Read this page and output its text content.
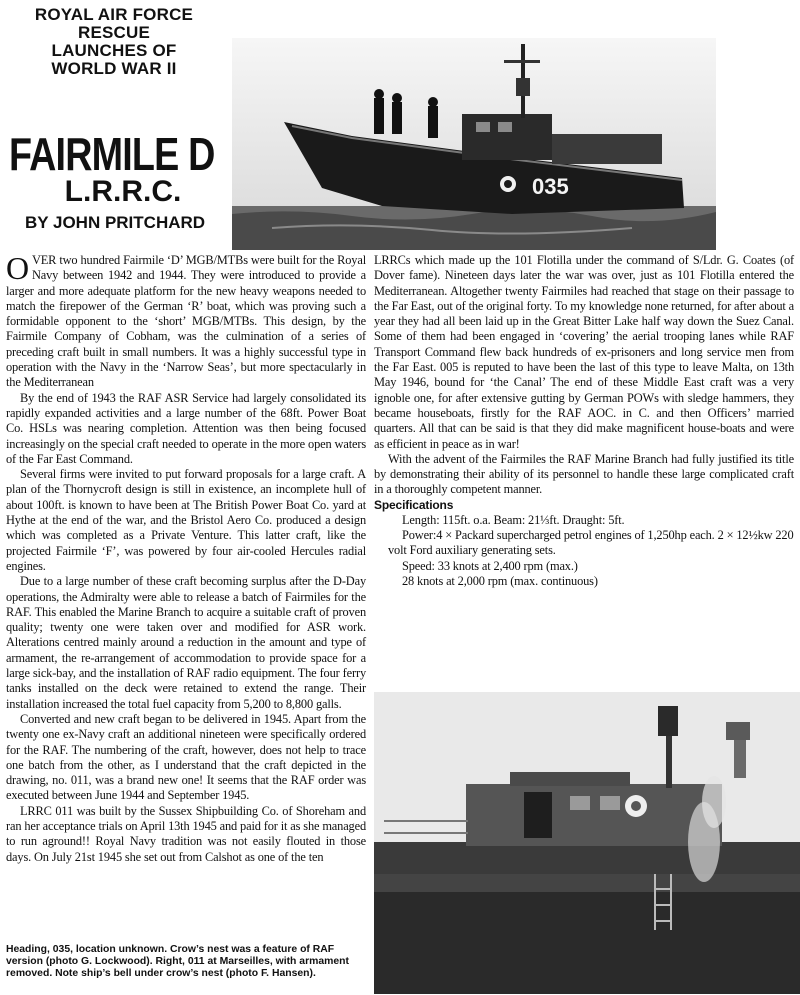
ROYAL AIR FORCE
RESCUE
LAUNCHES OF
WORLD WAR II
FAIRMILE D
L.R.R.C.
BY JOHN PRITCHARD
035

OVER two hundred Fairmile ‘D’ MGB/MTBs were built for the Royal Navy between 1942 and 1944. They were introduced to provide a larger and more adequate platform for the new heavy weapons needed to match the firepower of the German ‘R’ boat, which was proving such a formidable opponent to the ‘short’ MGB/MTBs. This design, by the Fairmile Company of Cobham, was the culmination of a series of preceding craft built in small numbers. It was a highly successful type in operation with the Navy in the ‘Narrow Seas’, but more spectacularly in the Mediterranean

By the end of 1943 the RAF ASR Service had largely consolidated its rapidly expanded activities and a large number of the 68ft. Power Boat Co. HSLs was nearing completion. Attention was then being focused increasingly on the special craft needed to operate in the more open waters of the Far East Command.

Several firms were invited to put forward proposals for a large craft. A plan of the Thornycroft design is still in existence, an incomplete hull of about 100ft. is known to have been at The British Power Boat Co. yard at Hythe at the end of the war, and the Bristol Aero Co. produced a design which was completed as a Private Venture. This latter craft, like the projected Fairmile ‘F’, was powered by four air-cooled Hercules radial engines.

Due to a large number of these craft becoming surplus after the D-Day operations, the Admiralty were able to release a batch of Fairmiles for the RAF. This enabled the Marine Branch to acquire a suitable craft of proven quality; twenty one were taken over and modified for ASR work. Alterations centred mainly around a reduction in the amount and type of armament, the re-arrangement of accommodation to provide space for a large sick-bay, and the installation of RAF radio equipment. The four ferry tanks installed on the deck were retained to extend the range. Their installation increased the total fuel capacity from 5,200 to 8,800 galls.

Converted and new craft began to be delivered in 1945. Apart from the twenty one ex-Navy craft an additional nineteen were specifically ordered for the RAF. The numbering of the craft, however, does not help to trace one batch from the other, as I understand that the craft depicted in the drawing, no. 011, was a brand new one! It seems that the RAF order was executed between June 1944 and September 1945.

LRRC 011 was built by the Sussex Shipbuilding Co. of Shoreham and ran her acceptance trials on April 13th 1945 and paid for it as she managed to run aground!! Royal Navy tradition was not easily flouted in those days. On July 21st 1945 she set out from Calshot as one of the ten

LRRCs which made up the 101 Flotilla under the command of S/Ldr. G. Coates (of Dover fame). Nineteen days later the war was over, just as 101 Flotilla entered the Mediterranean. Altogether twenty Fairmiles had reached that stage on their passage to the Far East, out of the original forty. To my knowledge none returned, for after about a year they had all been laid up in the Great Bitter Lake half way down the Suez Canal. Some of them had been engaged in ‘covering’ the aerial trooping lanes while RAF Transport Command flew back hundreds of ex-prisoners and long service men from the Far East. 005 is reputed to have been the last of this type to leave Malta, on 13th May 1946, bound for ‘the Canal’ The end of these Middle East craft was a very ignoble one, for after extensive gutting by German POWs with sledge hammers, they became houseboats, firstly for the RAF AOC. in C. and then Officers’ married quarters. All that can be said is that they did make magnificent house-boats and were as efficient in peace as in war!

With the advent of the Fairmiles the RAF Marine Branch had fully justified its title by demonstrating their ability of its personnel to handle these large complicated craft in a thoroughly competent manner.

Specifications

Length: 115ft. o.a. Beam: 21⅓ft. Draught: 5ft.

Power:4 × Packard supercharged petrol engines of 1,250hp each. 2 × 12½kw 220 volt Ford auxiliary generating sets.

Speed: 33 knots at 2,400 rpm (max.)

28 knots at 2,000 rpm (max. continuous)

Heading, 035, location unknown. Crow’s nest was a feature of RAF version (photo G. Lockwood). Right, 011 at Marseilles, with armament removed. Note ship’s bell under crow’s nest (photo F. Hansen).
